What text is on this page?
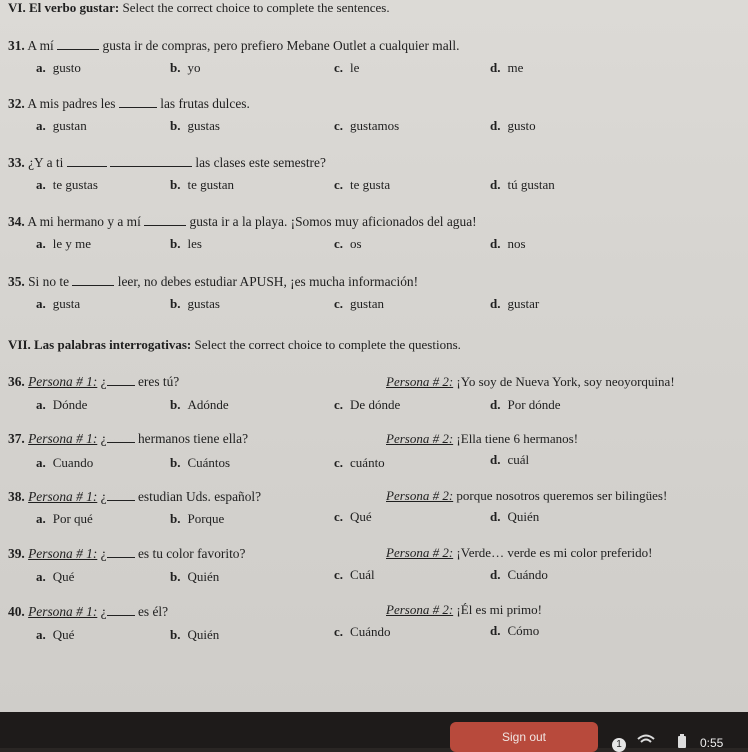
VI. El verbo gustar: Select the correct choice to complete the sentences.
31. A mí	gusta ir de compras, pero prefiero Mebane Outlet a cualquier mall.
a. gusto	b. yo	c. le	d. me
32. A mis padres les	las frutas dulces.
a. gustan	b. gustas	c. gustamos	d. gusto
33. ¿Y a ti	las clases este semestre?
a. te gustas	b. te gustan	c. te gusta	d. tú gustan
34. A mi hermano y a mí	gusta ir a la playa. ¡Somos muy aficionados del agua!
a. le y me	b. les	c. os	d. nos
35. Si no te	leer, no debes estudiar APUSH, ¡es mucha información!
a. gusta	b. gustas	c. gustan	d. gustar
VII. Las palabras interrogativas: Select the correct choice to complete the questions.
36. Persona # 1: ¿ eres tú?	Persona # 2: ¡Yo soy de Nueva York, soy neoyorquina!
a. Dónde	b. Adónde	c. De dónde	d. Por dónde
37. Persona # 1: ¿ hermanos tiene ella?	Persona # 2: ¡Ella tiene 6 hermanos!
a. Cuando	b. Cuántos	c. cuánto	d. cuál
38. Persona # 1: ¿ estudian Uds. español?	Persona # 2: porque nosotros queremos ser bilingües!
a. Por qué	b. Porque	c. Qué	d. Quién
39. Persona # 1: ¿ es tu color favorito?	Persona # 2: ¡Verde… verde es mi color preferido!
a. Qué	b. Quién	c. Cuál	d. Cuándo
40. Persona # 1: ¿ es él?	Persona # 2: ¡Él es mi primo!
a. Qué	b. Quién	c. Cuándo	d. Cómo
Sign out
1	0:55
